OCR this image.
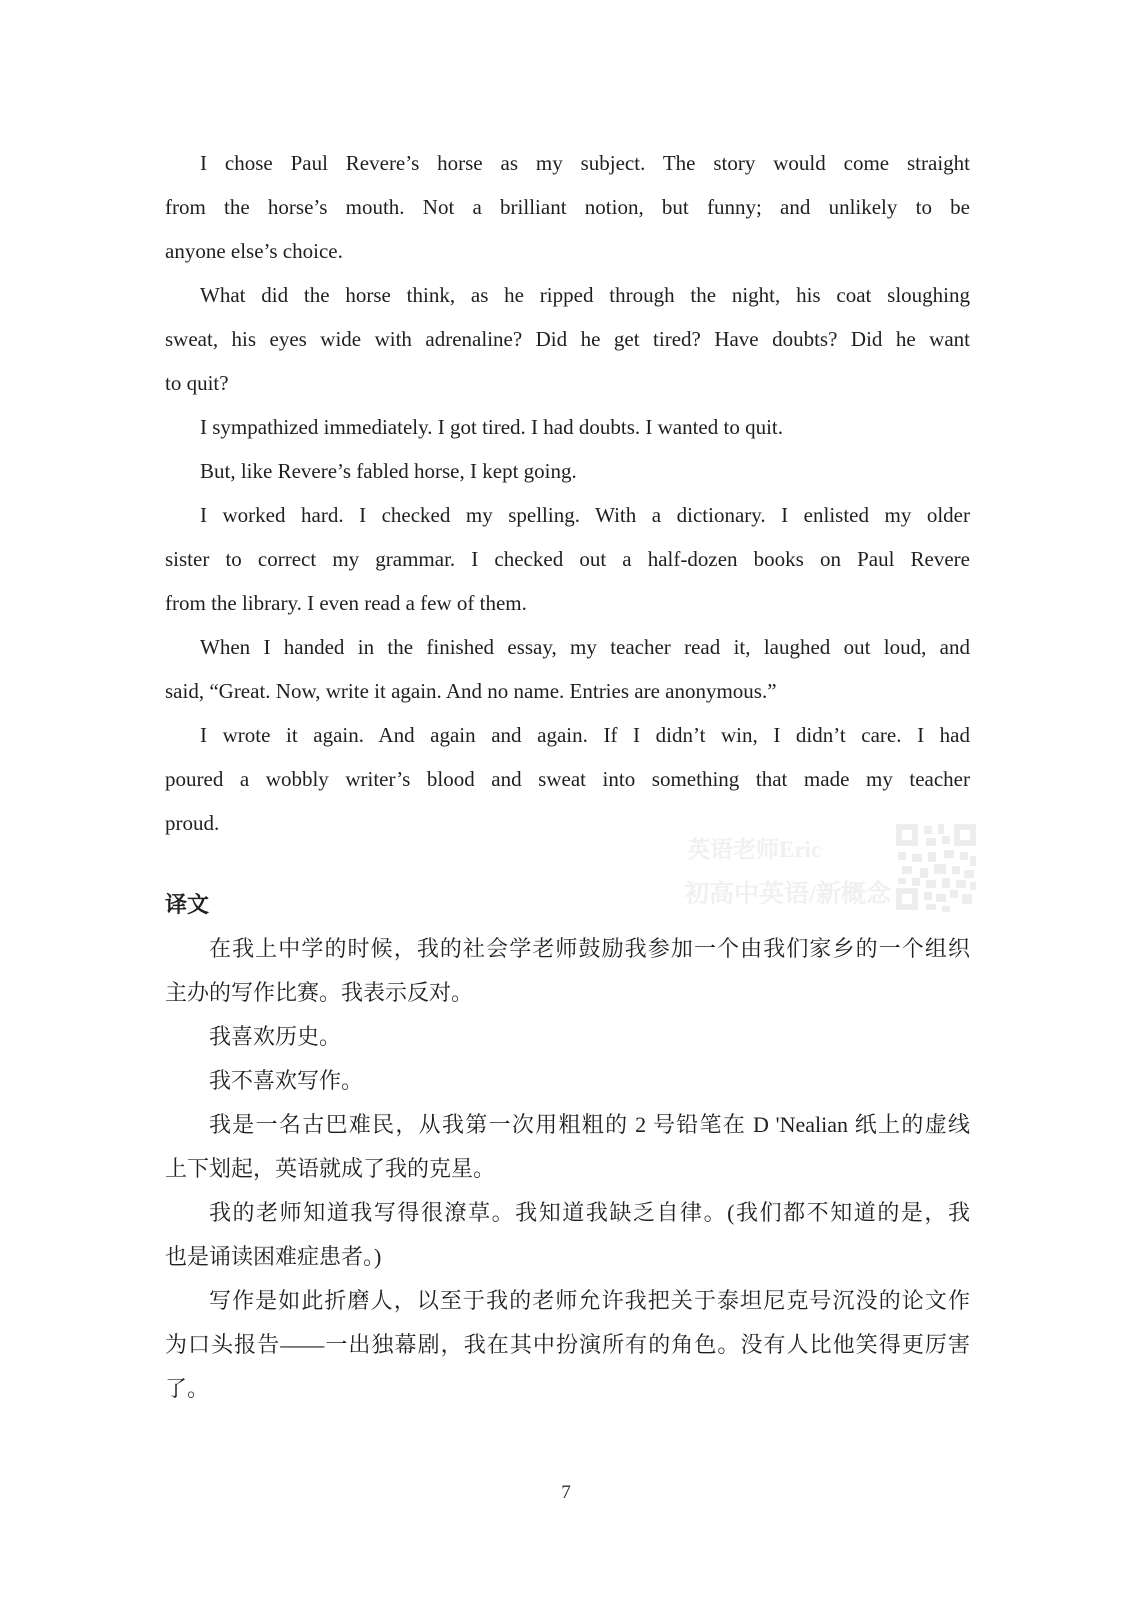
英语老师Eric
初高中英语/新概念
I chose Paul Revere’s horse as my subject. The story would come straight
from the horse’s mouth. Not a brilliant notion, but funny; and unlikely to be
anyone else’s choice.
What did the horse think, as he ripped through the night, his coat sloughing
sweat, his eyes wide with adrenaline? Did he get tired? Have doubts? Did he want
to quit?
I sympathized immediately. I got tired. I had doubts. I wanted to quit.
But, like Revere’s fabled horse, I kept going.
I worked hard. I checked my spelling. With a dictionary. I enlisted my older
sister to correct my grammar. I checked out a half-dozen books on Paul Revere
from the library. I even read a few of them.
When I handed in the finished essay, my teacher read it, laughed out loud, and
said, “Great. Now, write it again. And no name. Entries are anonymous.”
I wrote it again. And again and again. If I didn’t win, I didn’t care. I had
poured a wobbly writer’s blood and sweat into something that made my teacher
proud.
译文
在我上中学的时候，我的社会学老师鼓励我参加一个由我们家乡的一个组织
主办的写作比赛。我表示反对。
我喜欢历史。
我不喜欢写作。
我是一名古巴难民，从我第一次用粗粗的 2 号铅笔在 D 'Nealian 纸上的虚线
上下划起，英语就成了我的克星。
我的老师知道我写得很潦草。我知道我缺乏自律。(我们都不知道的是，我
也是诵读困难症患者。)
写作是如此折磨人，以至于我的老师允许我把关于泰坦尼克号沉没的论文作
为口头报告——一出独幕剧，我在其中扮演所有的角色。没有人比他笑得更厉害
了。
7
